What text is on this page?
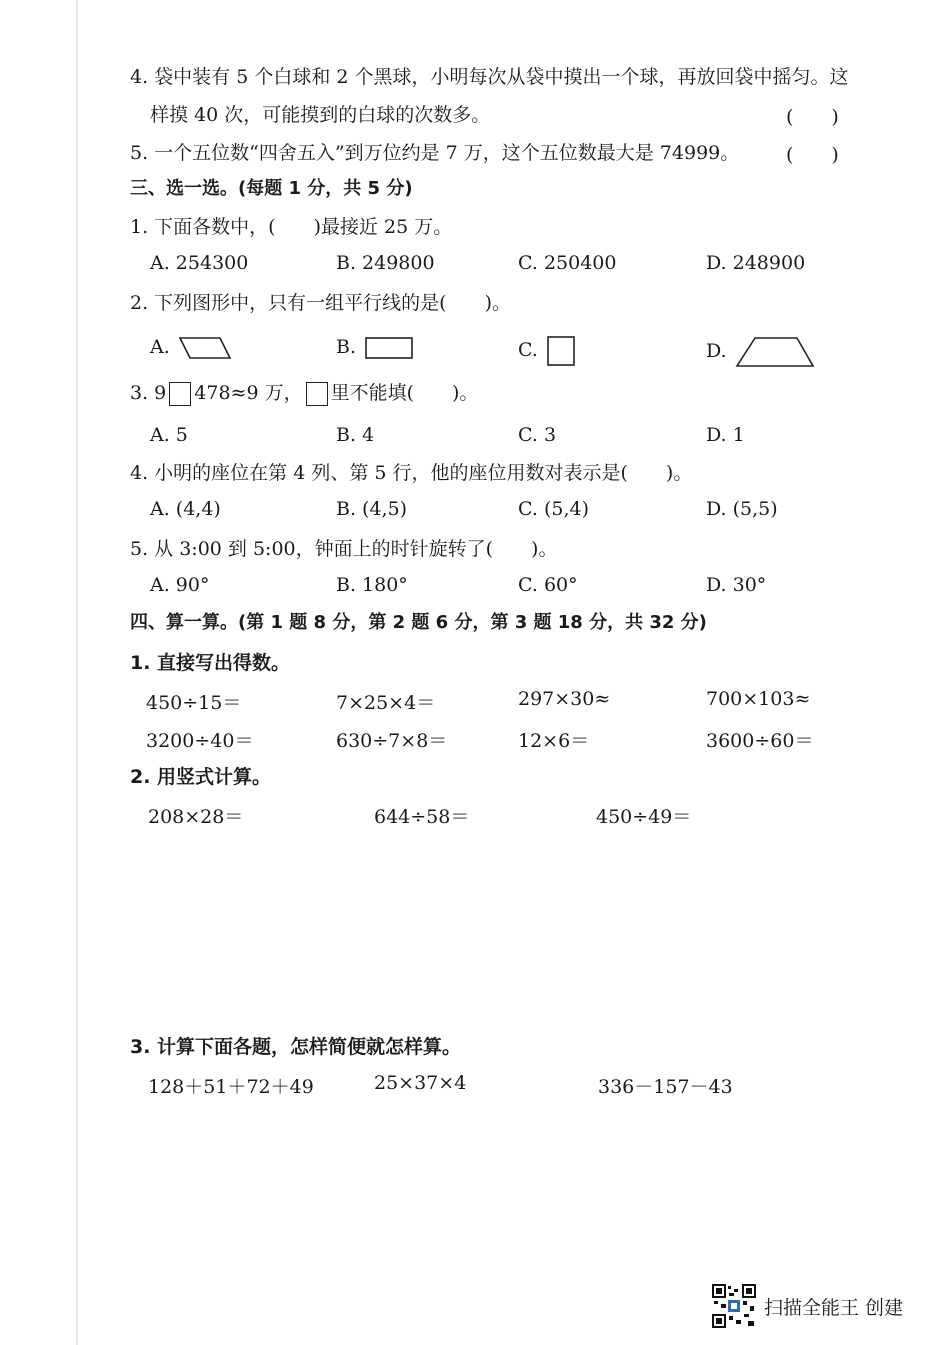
4. 袋中装有 5 个白球和 2 个黑球，小明每次从袋中摸出一个球，再放回袋中摇匀。这
样摸 40 次，可能摸到的白球的次数多。	(　　)
5. 一个五位数“四舍五入”到万位约是 7 万，这个五位数最大是 74999。 (　　)
三、选一选。(每题 1 分，共 5 分)
1. 下面各数中，(　　)最接近 25 万。
A. 254300	B. 249800	C. 250400	D. 248900
2. 下列图形中，只有一组平行线的是(　　)。
A.	B.	C.	D.
3. 9 478≈9 万， 里不能填(　　)。
A. 5	B. 4	C. 3	D. 1
4. 小明的座位在第 4 列、第 5 行，他的座位用数对表示是(　　)。
A. (4,4)	B. (4,5)	C. (5,4)	D. (5,5)
5. 从 3:00 到 5:00，钟面上的时针旋转了(　　)。
A. 90°	B. 180°	C. 60°	D. 30°
四、算一算。(第 1 题 8 分，第 2 题 6 分，第 3 题 18 分，共 32 分)
1. 直接写出得数。
450÷15＝	7×25×4＝	297×30≈	700×103≈
3200÷40＝	630÷7×8＝	12×6＝	3600÷60＝
2. 用竖式计算。
208×28＝	644÷58＝	450÷49＝
3. 计算下面各题，怎样简便就怎样算。
128＋51＋72＋49	25×37×4	336－157－43
扫描全能王 创建
